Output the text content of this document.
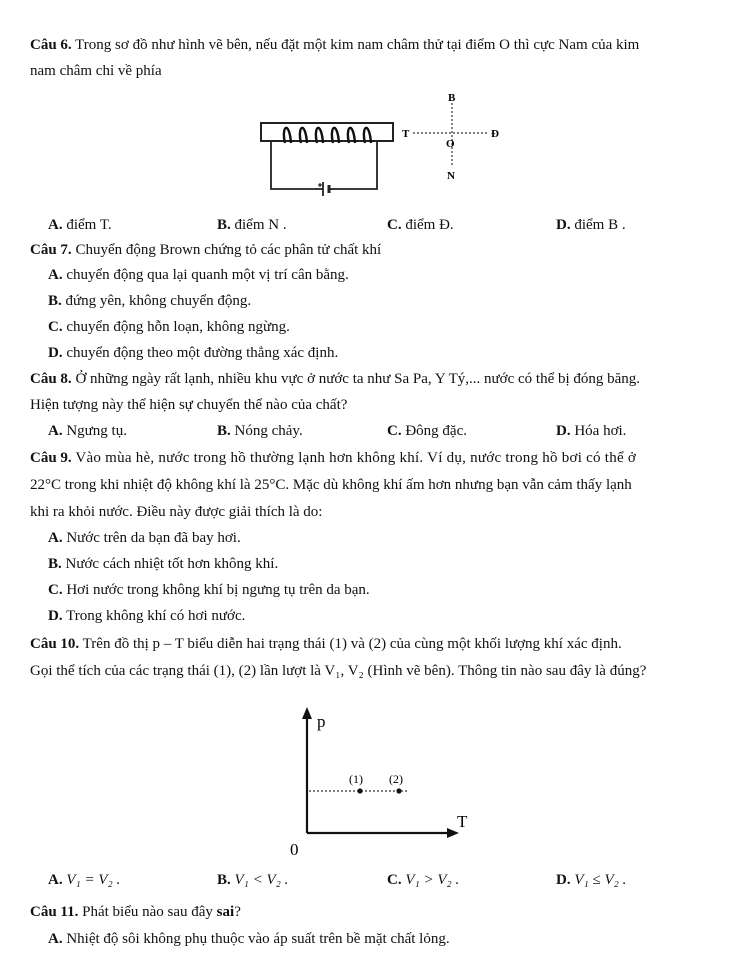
Câu 6. Trong sơ đồ như hình vẽ bên, nếu đặt một kim nam châm thử tại điểm O thì cực Nam của kim
nam châm chỉ về phía
B
T
O
Đ
N
A. điểm T.	B. điểm N .	C. điểm Đ.	D. điểm B .
Câu 7. Chuyển động Brown chứng tỏ các phân tử chất khí
A. chuyển động qua lại quanh một vị trí cân bằng.
B. đứng yên, không chuyển động.
C. chuyển động hỗn loạn, không ngừng.
D. chuyển động theo một đường thẳng xác định.
Câu 8. Ở những ngày rất lạnh, nhiều khu vực ở nước ta như Sa Pa, Y Tý,... nước có thể bị đóng băng.
Hiện tượng này thể hiện sự chuyển thể nào của chất?
A. Ngưng tụ.	B. Nóng chảy.	C. Đông đặc.	D. Hóa hơi.
Câu 9. Vào mùa hè, nước trong hồ thường lạnh hơn không khí. Ví dụ, nước trong hồ bơi có thể ở
22°C trong khi nhiệt độ không khí là 25°C. Mặc dù không khí ấm hơn nhưng bạn vẫn cảm thấy lạnh
khi ra khỏi nước. Điều này được giải thích là do:
A. Nước trên da bạn đã bay hơi.
B. Nước cách nhiệt tốt hơn không khí.
C. Hơi nước trong không khí bị ngưng tụ trên da bạn.
D. Trong không khí có hơi nước.
Câu 10. Trên đồ thị p – T biểu diễn hai trạng thái (1) và (2) của cùng một khối lượng khí xác định.
Gọi thể tích của các trạng thái (1), (2) lần lượt là V₁, V₂ (Hình vẽ bên). Thông tin nào sau đây là đúng?
p
T
0
(1) (2)
A. V₁ = V₂ .	B. V₁ < V₂ .	C. V₁ > V₂ .	D. V₁ ≤ V₂ .
Câu 11. Phát biểu nào sau đây sai?
A. Nhiệt độ sôi không phụ thuộc vào áp suất trên bề mặt chất lỏng.
